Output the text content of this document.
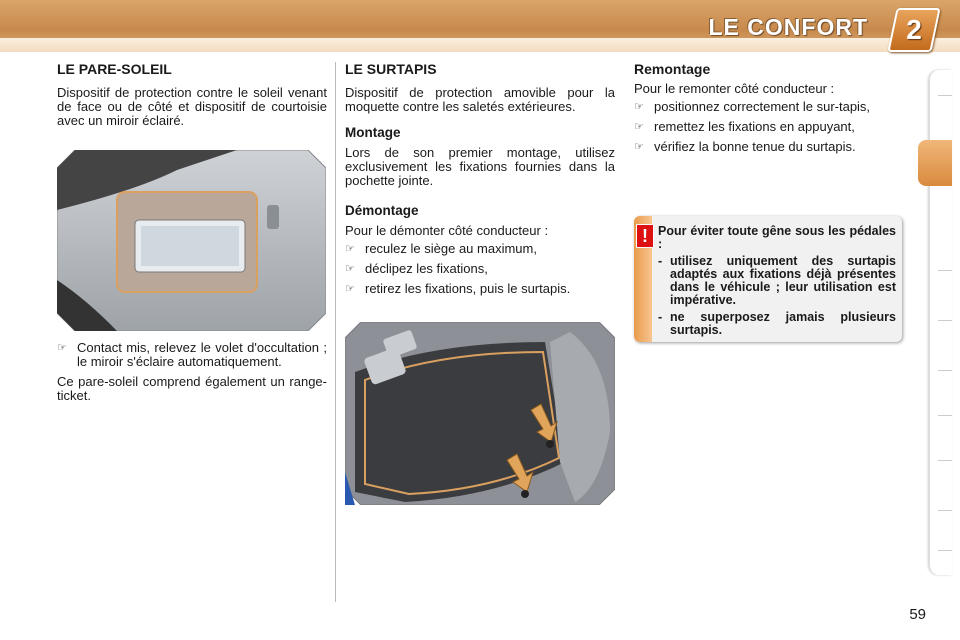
LE CONFORT	2
LE PARE-SOLEIL

Dispositif de protection contre le soleil venant de face ou de côté et dispositif de courtoisie avec un miroir éclairé.

☞ Contact mis, relevez le volet d'occultation ; le miroir s'éclaire automatiquement.

Ce pare-soleil comprend également un range-ticket.

LE SURTAPIS

Dispositif de protection amovible pour la moquette contre les saletés extérieures.

Montage

Lors de son premier montage, utilisez exclusivement les fixations fournies dans la pochette jointe.

Démontage

Pour le démonter côté conducteur :

☞ reculez le siège au maximum,
☞ déclipez les fixations,
☞ retirez les fixations, puis le surtapis.
Remontage

Pour le remonter côté conducteur :

☞ positionnez correctement le sur-tapis,
☞ remettez les fixations en appuyant,
☞ vérifiez la bonne tenue du surtapis.
! Pour éviter toute gêne sous les pédales :

- utilisez uniquement des surtapis adaptés aux fixations déjà présentes dans le véhicule ; leur utilisation est impérative.
- ne superposez jamais plusieurs surtapis.
59
